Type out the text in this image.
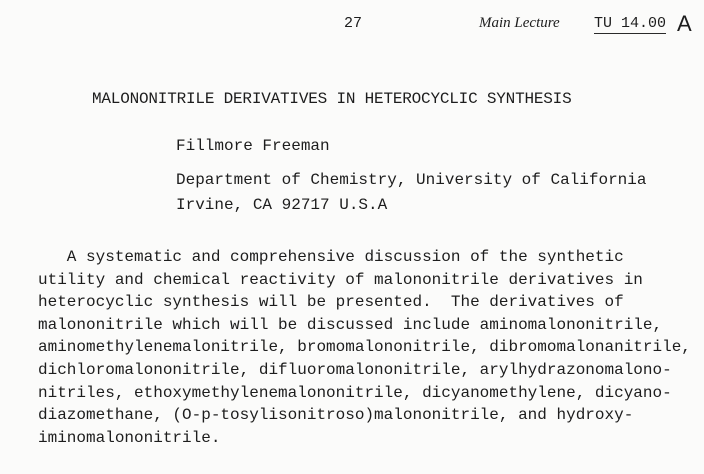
27	Main Lecture TU 14.00 A
MALONONITRILE DERIVATIVES IN HETEROCYCLIC SYNTHESIS
Fillmore Freeman
Department of Chemistry, University of California
Irvine, CA 92717 U.S.A

A systematic and comprehensive discussion of the synthetic
utility and chemical reactivity of malononitrile derivatives in
heterocyclic synthesis will be presented.  The derivatives of
malononitrile which will be discussed include aminomalononitrile,
aminomethylenemalonitrile, bromomalononitrile, dibromomalonanitrile,
dichloromalononitrile, difluoromalononitrile, arylhydrazonomalono-
nitriles, ethoxymethylenemalononitrile, dicyanomethylene, dicyano-
diazomethane, (O-p-tosylisonitroso)malononitrile, and hydroxy-
iminomalononitrile.
